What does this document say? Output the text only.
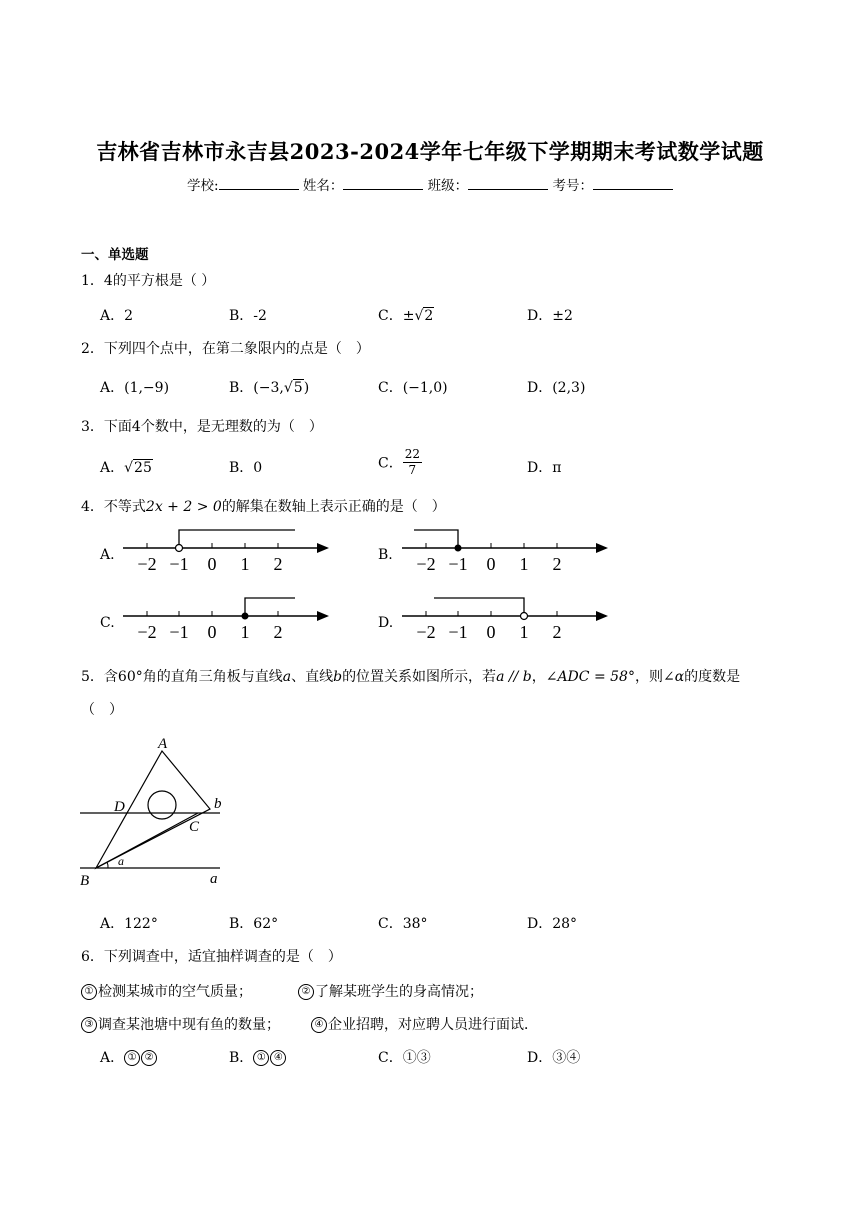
吉林省吉林市永吉县2023-2024学年七年级下学期期末考试数学试题
学校:	姓名：	班级：	考号：
一、单选题
1．4的平方根是（ ）
A．2	B．-2	C．±√2	D．±2
2．下列四个点中，在第二象限内的点是（　）
A．(1,−9)	B．(−3,√5)	C．(−1,0)	D．(2,3)
3．下面4个数中，是无理数的为（　）
A．√25	B．0	C． $\frac{22}{7}$	D．π
4．不等式2x + 2 > 0的解集在数轴上表示正确的是（　）
A.	B.
C.	D.
−2 −1 0 1 2	−2 −1 0 1 2
−2 −1 0 1 2	−2 −1 0 1 2
5．含60°角的直角三角板与直线a、直线b的位置关系如图所示，若a // b，∠ADC = 58°，则∠α的度数是
（　）
A
D
C
B
b
a
a
A．122°	B．62°	C．38°	D．28°
6．下列调查中，适宜抽样调查的是（　）
① 检测某城市的空气质量；	② 了解某班学生的身高情况；
③ 调查某池塘中现有鱼的数量；	④ 企业招聘，对应聘人员进行面试．
A． ① ②	B． ① ④	C．①③	D．③④
